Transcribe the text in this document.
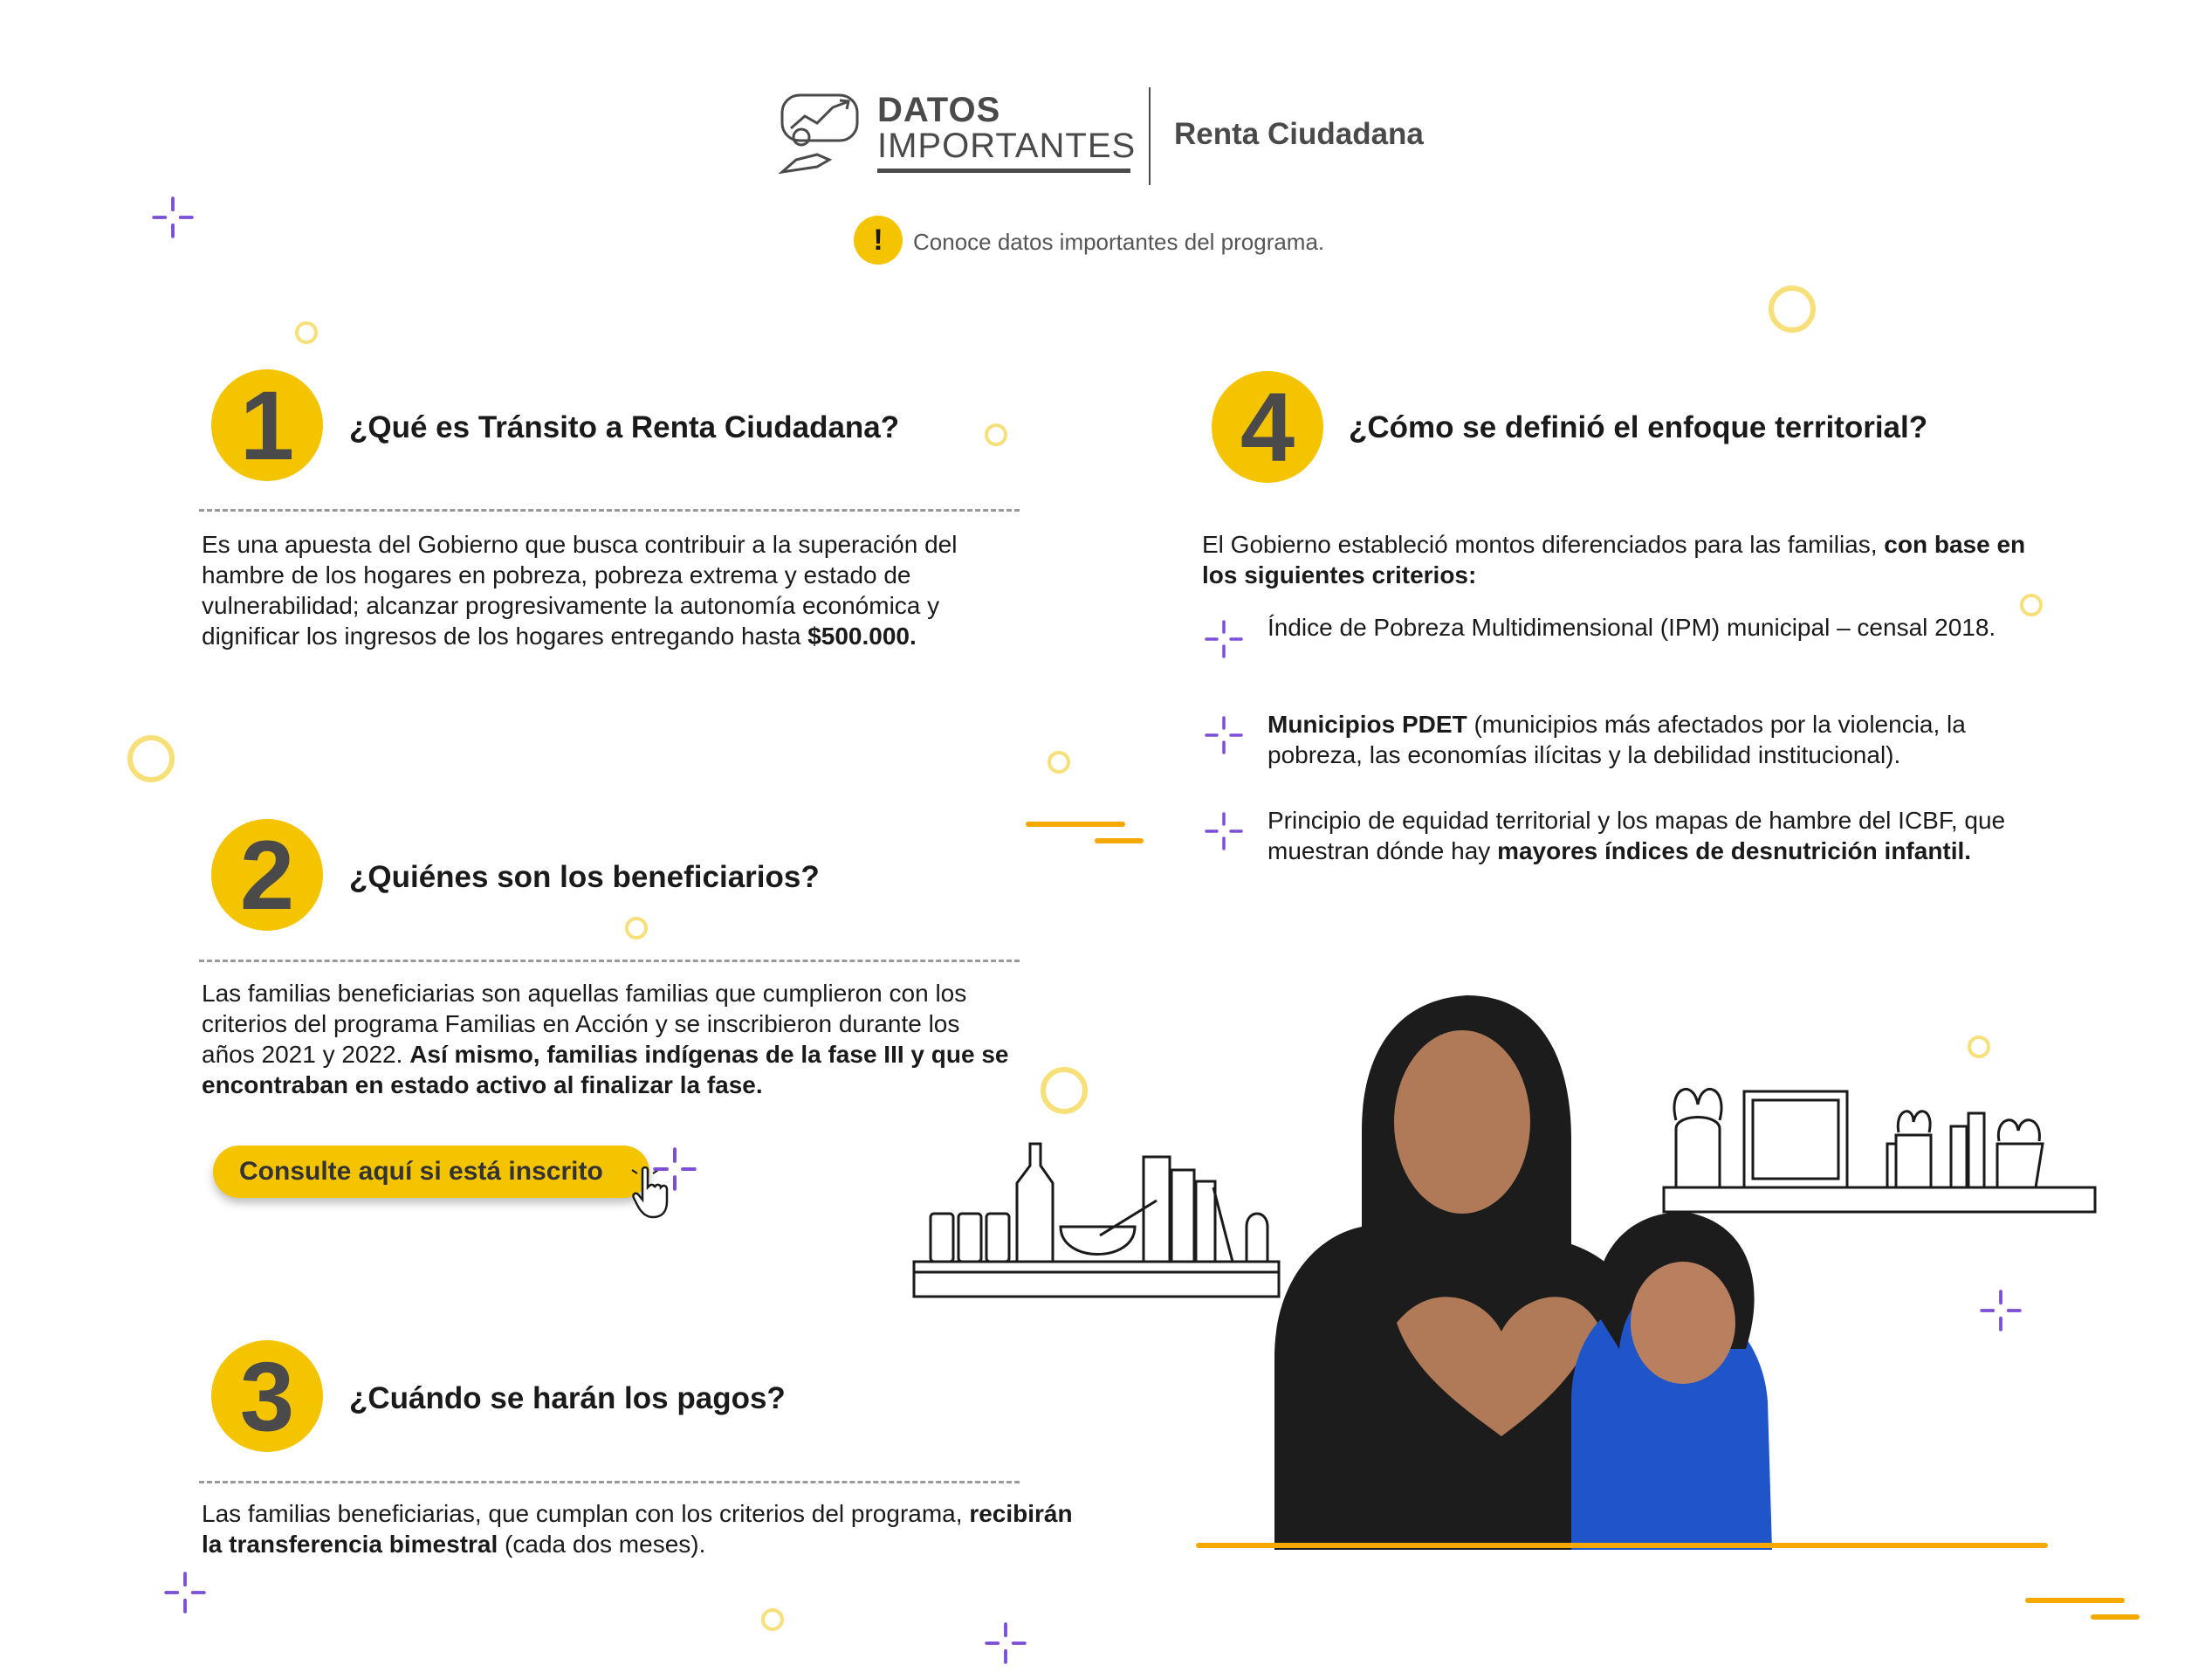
DATOS
IMPORTANTES Renta Ciudadana
!	Conoce datos importantes del programa.
1	¿Qué es Tránsito a Renta Ciudadana?
Es una apuesta del Gobierno que busca contribuir a la superación del hambre de los hogares en pobreza, pobreza extrema y estado de vulnerabilidad; alcanzar progresivamente la autonomía económica y dignificar los ingresos de los hogares entregando hasta $500.000.
2	¿Quiénes son los beneficiarios?
Las familias beneficiarias son aquellas familias que cumplieron con los criterios del programa Familias en Acción y se inscribieron durante los años 2021 y 2022. Así mismo, familias indígenas de la fase III y que se encontraban en estado activo al finalizar la fase.
Consulte aquí si está inscrito
3	¿Cuándo se harán los pagos?
Las familias beneficiarias, que cumplan con los criterios del programa, recibirán la transferencia bimestral (cada dos meses).
4	¿Cómo se definió el enfoque territorial?
El Gobierno estableció montos diferenciados para las familias, con base en los siguientes criterios:
Índice de Pobreza Multidimensional (IPM) municipal – censal 2018.
Municipios PDET (municipios más afectados por la violencia, la pobreza, las economías ilícitas y la debilidad institucional).
Principio de equidad territorial y los mapas de hambre del ICBF, que muestran dónde hay mayores índices de desnutrición infantil.
